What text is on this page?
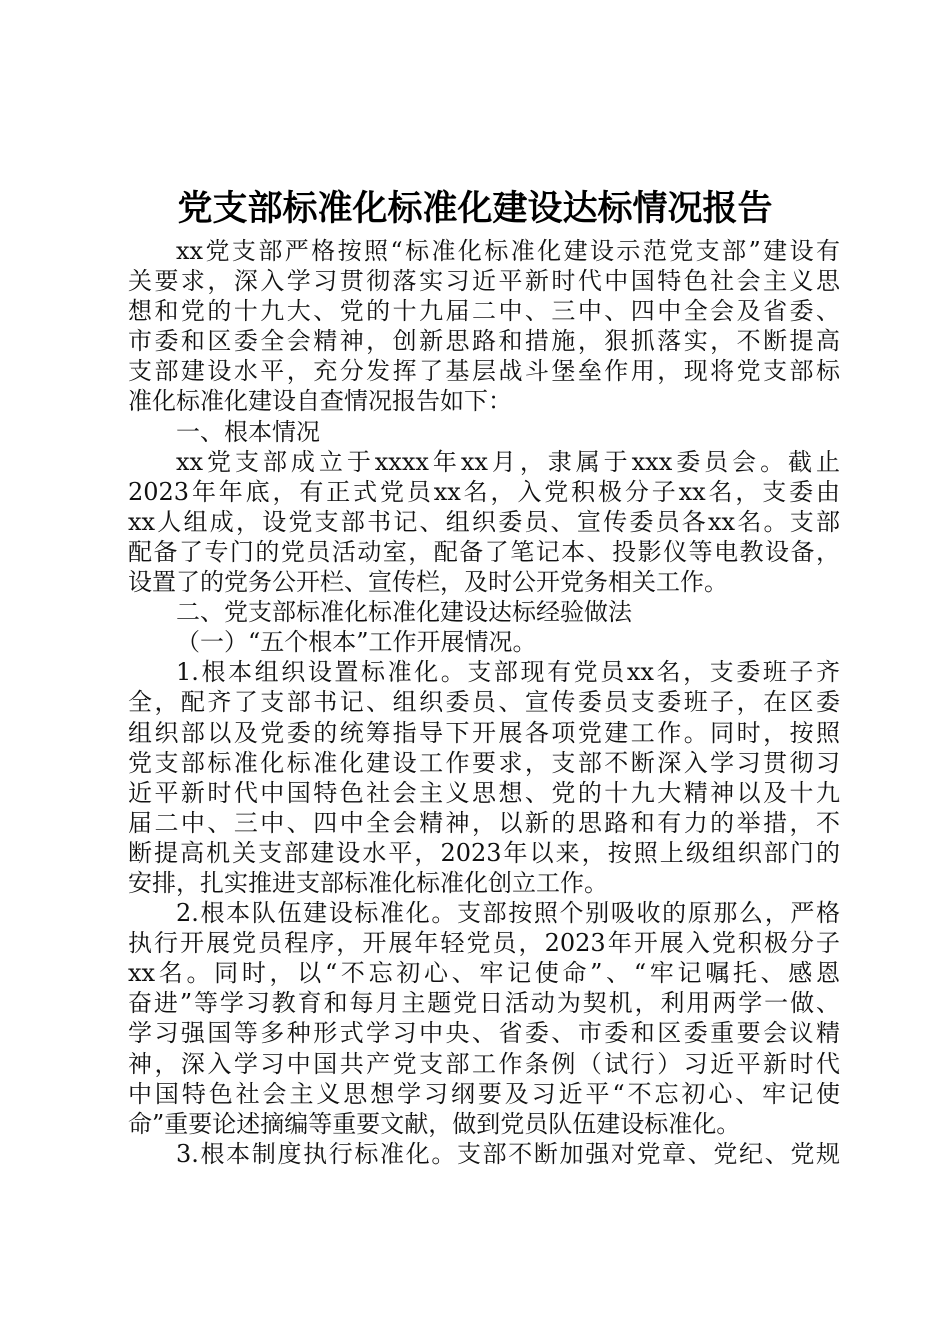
党支部标准化标准化建设达标情况报告
xx党支部严格按照“标准化标准化建设示范党支部”建设有
关要求，深入学习贯彻落实习近平新时代中国特色社会主义思
想和党的十九大、党的十九届二中、三中、四中全会及省委、
市委和区委全会精神，创新思路和措施，狠抓落实，不断提高
支部建设水平，充分发挥了基层战斗堡垒作用，现将党支部标
准化标准化建设自查情况报告如下：
一、根本情况
xx党支部成立于xxxx年xx月，隶属于xxx委员会。截止
2023年年底，有正式党员xx名，入党积极分子xx名，支委由
xx人组成，设党支部书记、组织委员、宣传委员各xx名。支部
配备了专门的党员活动室，配备了笔记本、投影仪等电教设备，
设置了的党务公开栏、宣传栏，及时公开党务相关工作。
二、党支部标准化标准化建设达标经验做法
（一）“五个根本”工作开展情况。
1.根本组织设置标准化。支部现有党员xx名，支委班子齐
全，配齐了支部书记、组织委员、宣传委员支委班子，在区委
组织部以及党委的统筹指导下开展各项党建工作。同时，按照
党支部标准化标准化建设工作要求，支部不断深入学习贯彻习
近平新时代中国特色社会主义思想、党的十九大精神以及十九
届二中、三中、四中全会精神，以新的思路和有力的举措，不
断提高机关支部建设水平，2023年以来，按照上级组织部门的
安排，扎实推进支部标准化标准化创立工作。
2.根本队伍建设标准化。支部按照个别吸收的原那么，严格
执行开展党员程序，开展年轻党员，2023年开展入党积极分子
xx名。同时，以“不忘初心、牢记使命”、“牢记嘱托、感恩
奋进”等学习教育和每月主题党日活动为契机，利用两学一做、
学习强国等多种形式学习中央、省委、市委和区委重要会议精
神，深入学习中国共产党支部工作条例（试行）习近平新时代
中国特色社会主义思想学习纲要及习近平“不忘初心、牢记使
命”重要论述摘编等重要文献，做到党员队伍建设标准化。
3.根本制度执行标准化。支部不断加强对党章、党纪、党规
